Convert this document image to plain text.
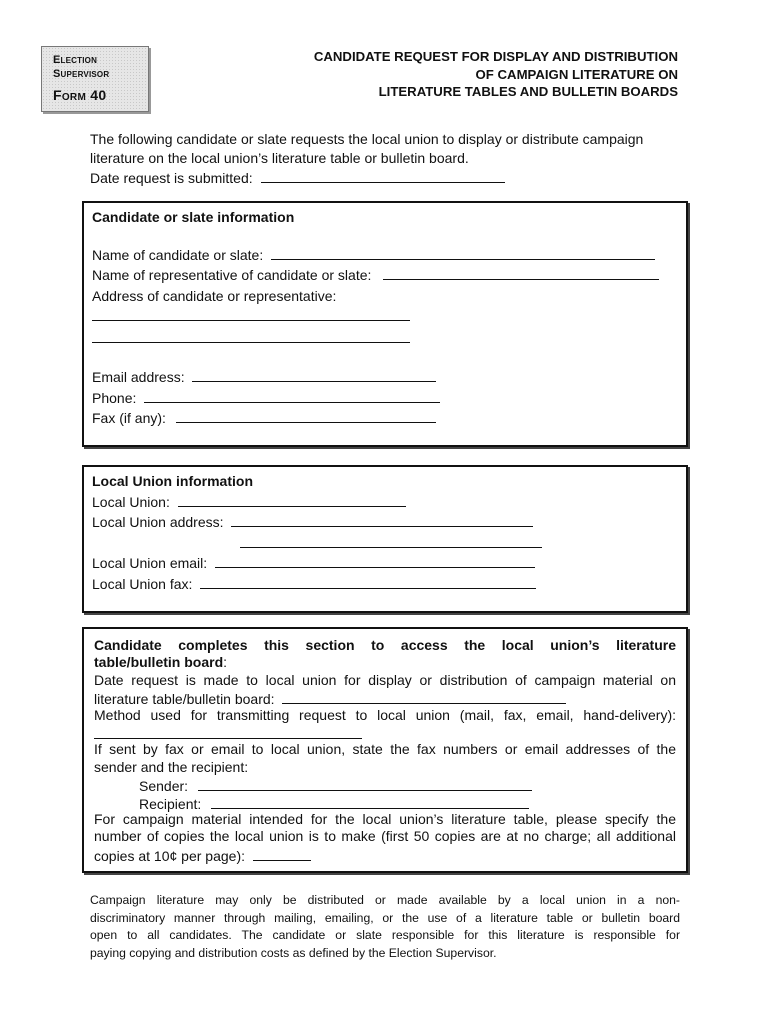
Election
Supervisor
Form 40
CANDIDATE REQUEST FOR DISPLAY AND DISTRIBUTION
OF CAMPAIGN LITERATURE ON
LITERATURE TABLES AND BULLETIN BOARDS
The following candidate or slate requests the local union to display or distribute campaign
literature on the local union’s literature table or bulletin board.
Date request is submitted:
Candidate or slate information
Name of candidate or slate:
Name of representative of candidate or slate:
Address of candidate or representative:
Email address:
Phone:
Fax (if any):
Local Union information
Local Union:
Local Union address:
Local Union email:
Local Union fax:
Candidate completes this section to access the local union’s literature
table/bulletin board:
Date request is made to local union for display or distribution of campaign material on
literature table/bulletin board:
Method used for transmitting request to local union (mail, fax, email, hand-delivery):
If sent by fax or email to local union, state the fax numbers or email addresses of the
sender and the recipient:
Sender:
Recipient:
For campaign material intended for the local union’s literature table, please specify the
number of copies the local union is to make (first 50 copies are at no charge; all additional
copies at 10¢ per page):
Campaign literature may only be distributed or made available by a local union in a non-
discriminatory manner through mailing, emailing, or the use of a literature table or bulletin board
open to all candidates. The candidate or slate responsible for this literature is responsible for
paying copying and distribution costs as defined by the Election Supervisor.
